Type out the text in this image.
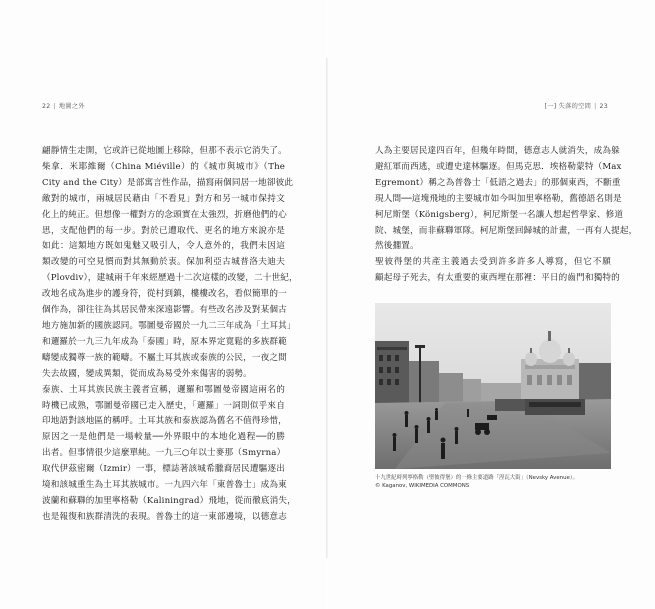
22 | 地圖之外
翩靜情生走開，它或許已從地圖上移除，但那不表示它消失了。
柴拿．米耶維爾（China Miéville）的《城市與城市》（The
City and the City）是部寓言性作品，描寫兩個同居一地卻彼此
敵對的城市，兩城居民藉由「不看見」對方和另一城市保持文
化上的純正。但想像一權對方的念頭實在太強烈，折磨他們的心
思，支配他們的每一步。對於已遭取代、更名的地方來說亦是
如此：這類地方既如鬼魅又吸引人，令人意外的，我們未因這
類改變的可空見慣而對其無動於衷。保加利亞古城普洛夫迪夫
（Plovdiv），建城兩千年來經歷過十二次這樣的改變，二十世紀，
改地名成為進步的護身符，從村到鎮，樓樓改名，看似簡單的一
個作為，卻往往為其居民帶來深遠影響。有些改名涉及對某個古
地方施加新的國族認同。鄂圖曼帝國於一九二三年成為「土耳其」
和邏羅於一九三九年成為「泰國」時，原本界定寬鬆的多族群範
疇變成獨尊一族的範疇。不屬土耳其族或泰族的公民，一夜之間
失去故國，變成異類，從而成為易受外來傷害的弱勢。
泰族、土耳其族民族主義者宣稱，邏羅和鄂圖曼帝國這兩名的
時機已成熟，鄂圖曼帝國已走入歷史，「邏羅」一詞則似乎來自
印地語對該地區的稱呼。土耳其族和泰族認為舊名不值得珍惜，
原因之一是他們是一場較量──外界眼中的本地化過程──的勝
出者。但事情很少這麼單純。一九三○年以士麥那（Smyrna）
取代伊茲密爾（Izmir）一事，標誌著該城希臘裔居民遭驅逐出
境和該城重生為土耳其族城市。一九四六年「東普魯士」成為東
波蘭和蘇聯的加里寧格勒（Kaliningrad）飛地，從而徹底消失，
也是報復和族群清洗的表現。普魯士的這一東部邊境，以德意志
[一] 失落的空間 | 23
人為主要居民達四百年，但幾年時間，德意志人就消失，成為躲
避紅軍而西逃，或遭史達林驅逐。但馬克思．埃格勒蒙特（Max
Egremont）稱之為普魯士「低語之過去」的那個東西，不斷重
現人間──這塊飛地的主要城市如今叫加里寧格勒，舊德語名則是
柯尼斯堡（Königsberg），柯尼斯堡一名讓人想起哲學家、修道
院、城堡，而非蘇聯軍隊。柯尼斯堡回歸城的計畫，一再有人提起，
然後擱置。
聖彼得堡的共產主義過去受到許多許多人導寫，但它不願
顧起母子死去，有太重要的東西埋在那裡：平日的齒門和獨特的
十九世紀時列寧格勒（聖彼得堡）的一條主要道路「涅瓦大街」（Nevsky Avenue）。
© Kaganov, WIKIMEDIA COMMONS
